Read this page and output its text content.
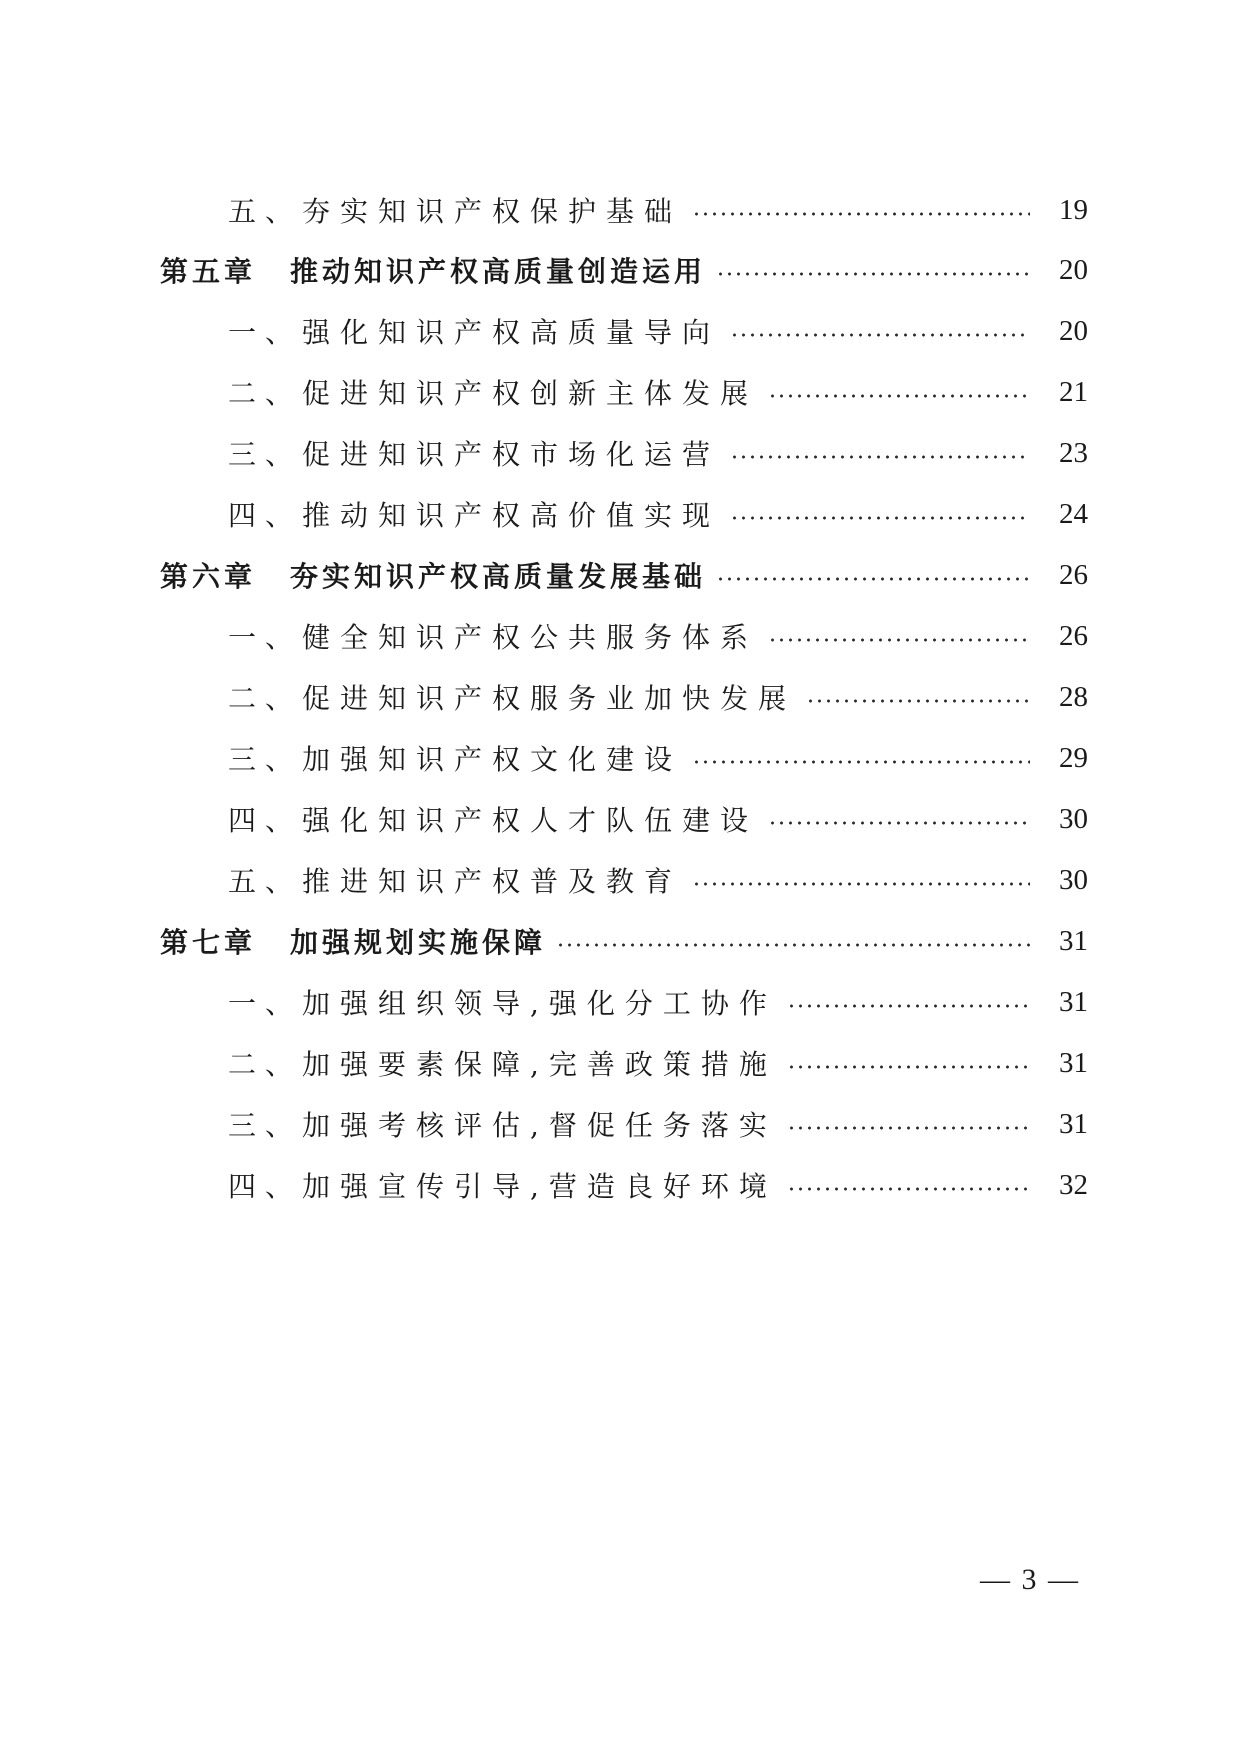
五、 夯实知识产权保护基础	19
第五章 推动知识产权高质量创造运用	20
一、 强化知识产权高质量导向	20
二、 促进知识产权创新主体发展	21
三、 促进知识产权市场化运营	23
四、 推动知识产权高价值实现	24
第六章 夯实知识产权高质量发展基础	26
一、 健全知识产权公共服务体系	26
二、 促进知识产权服务业加快发展	28
三、 加强知识产权文化建设	29
四、 强化知识产权人才队伍建设	30
五、 推进知识产权普及教育	30
第七章 加强规划实施保障	31
一、 加强组织领导,强化分工协作	31
二、 加强要素保障,完善政策措施	31
三、 加强考核评估,督促任务落实	31
四、 加强宣传引导,营造良好环境	32
— 3 —
